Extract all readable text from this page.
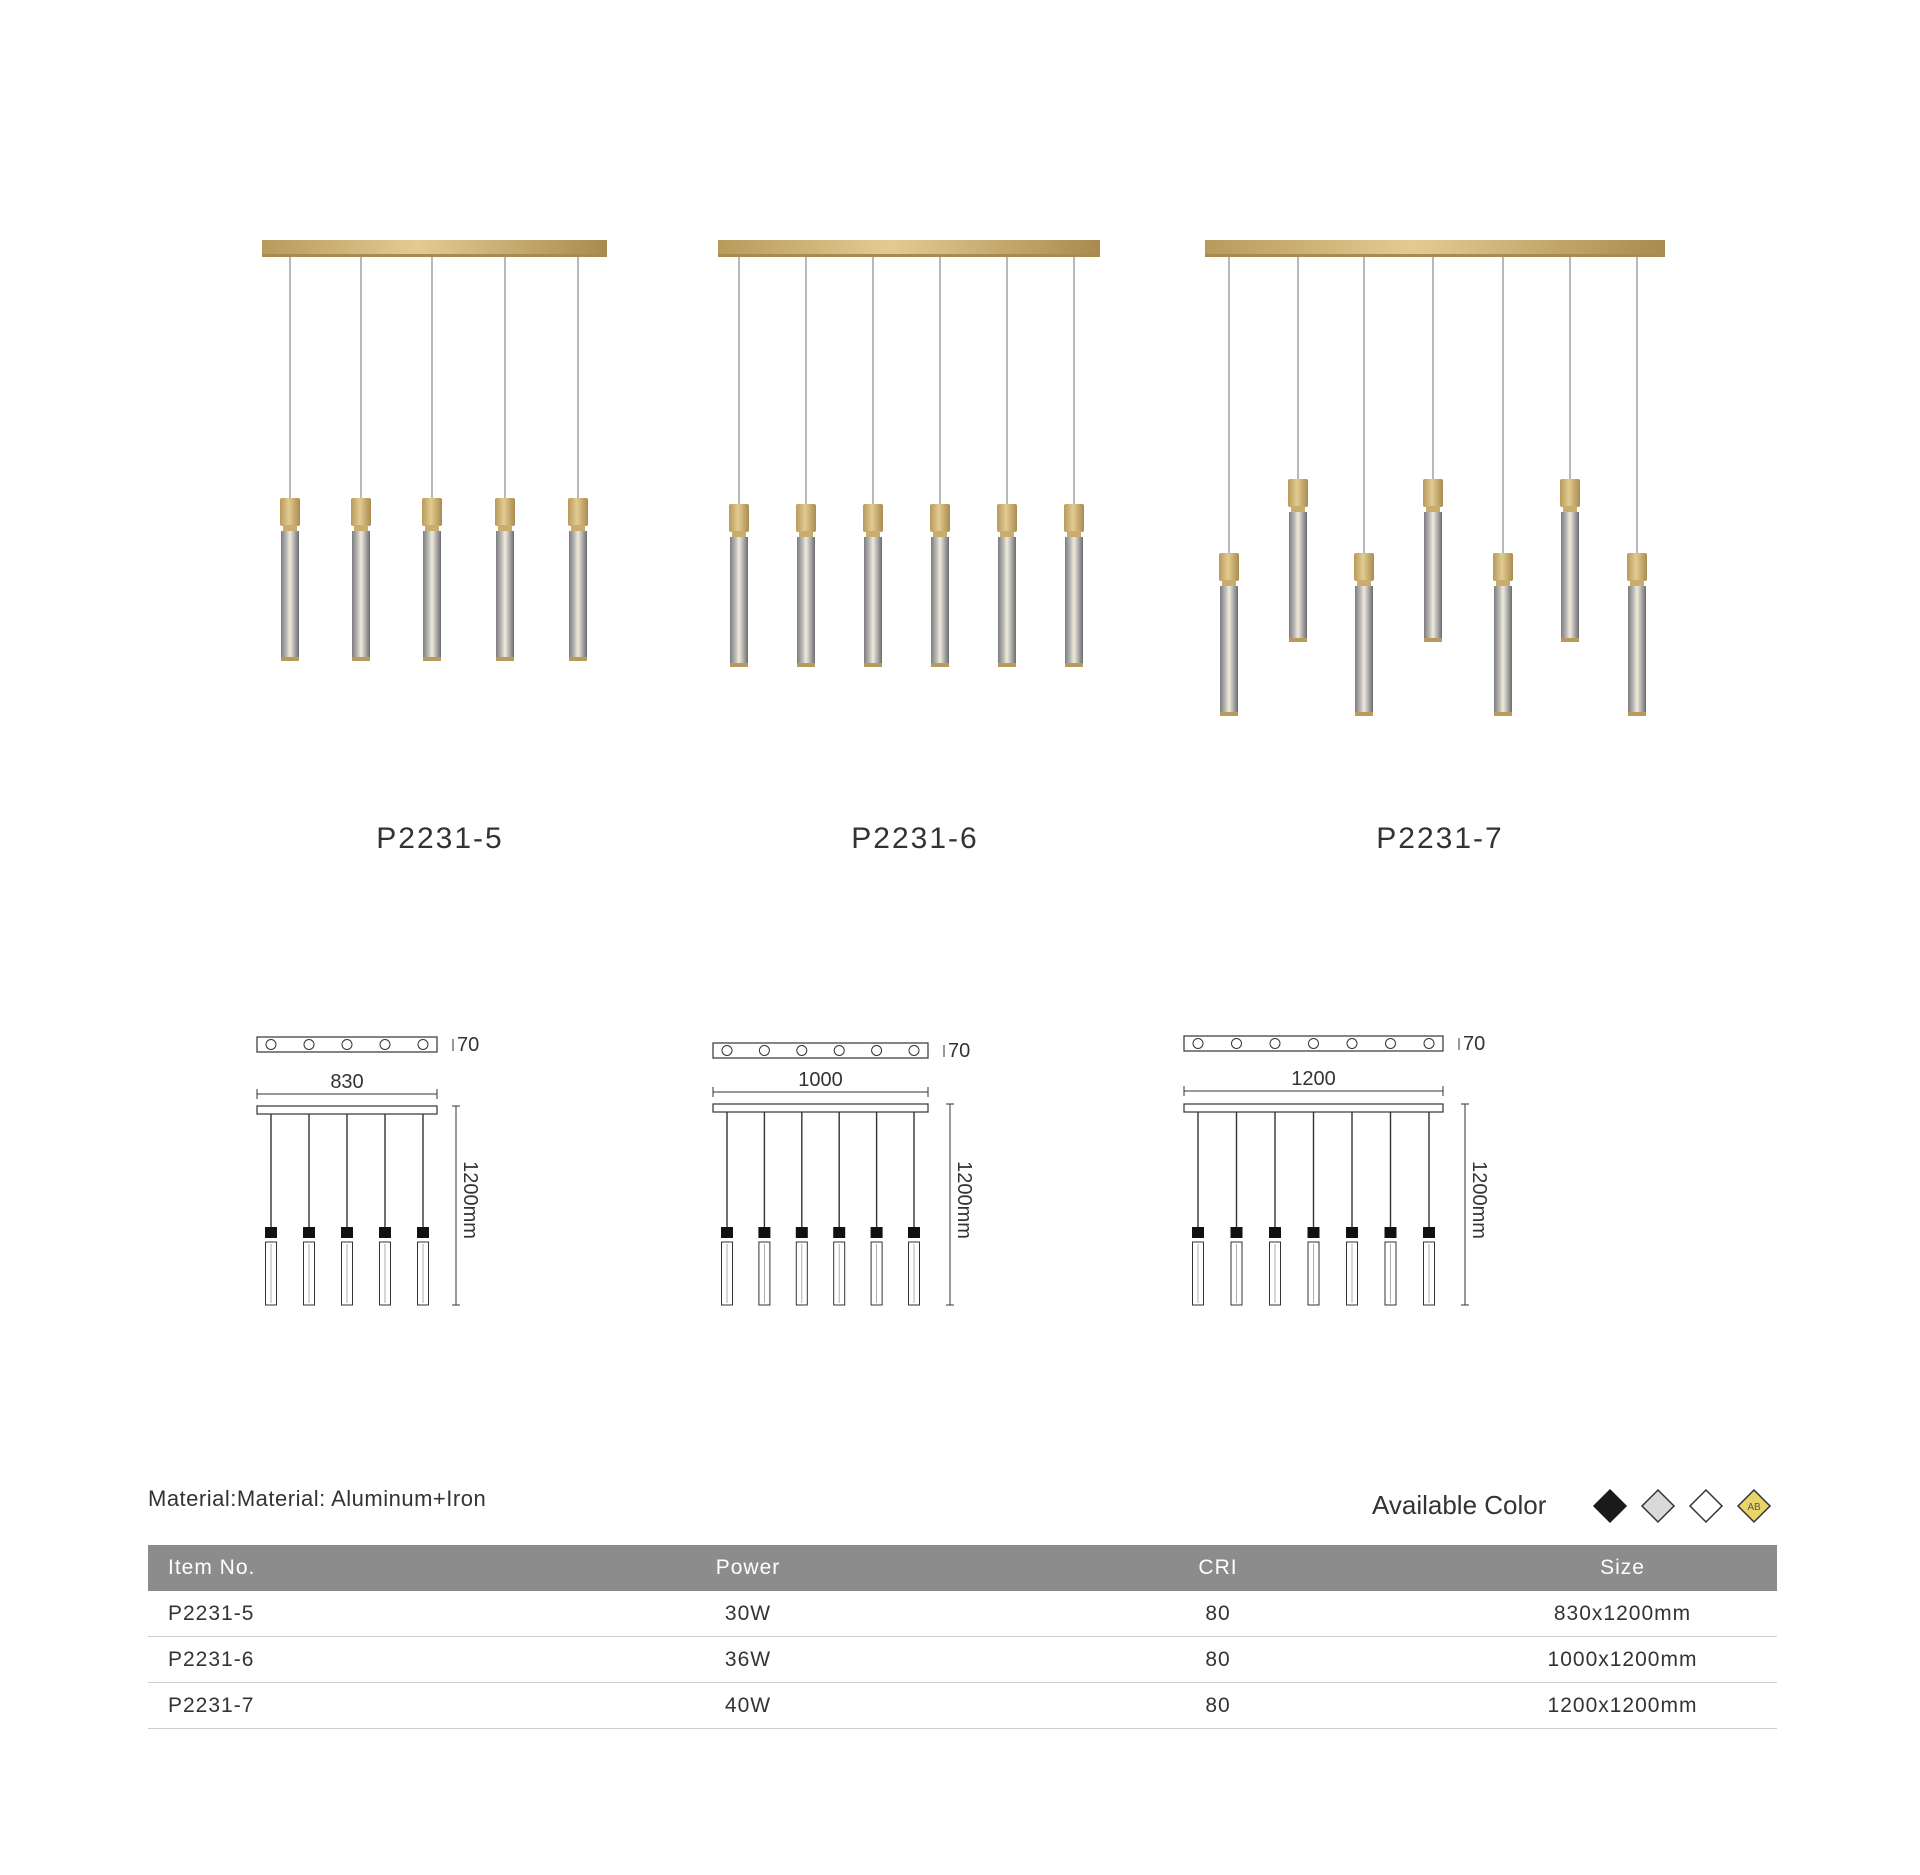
70
830
1200mm
70
1000
1200mm
70
1200
1200mm
P2231-5	P2231-6	P2231-7
Material:Material: Aluminum+Iron	Available Color	AB
Item No.	Power	CRI	Size
P2231-5	30W	80	830x1200mm
P2231-6	36W	80	1000x1200mm
P2231-7	40W	80	1200x1200mm
